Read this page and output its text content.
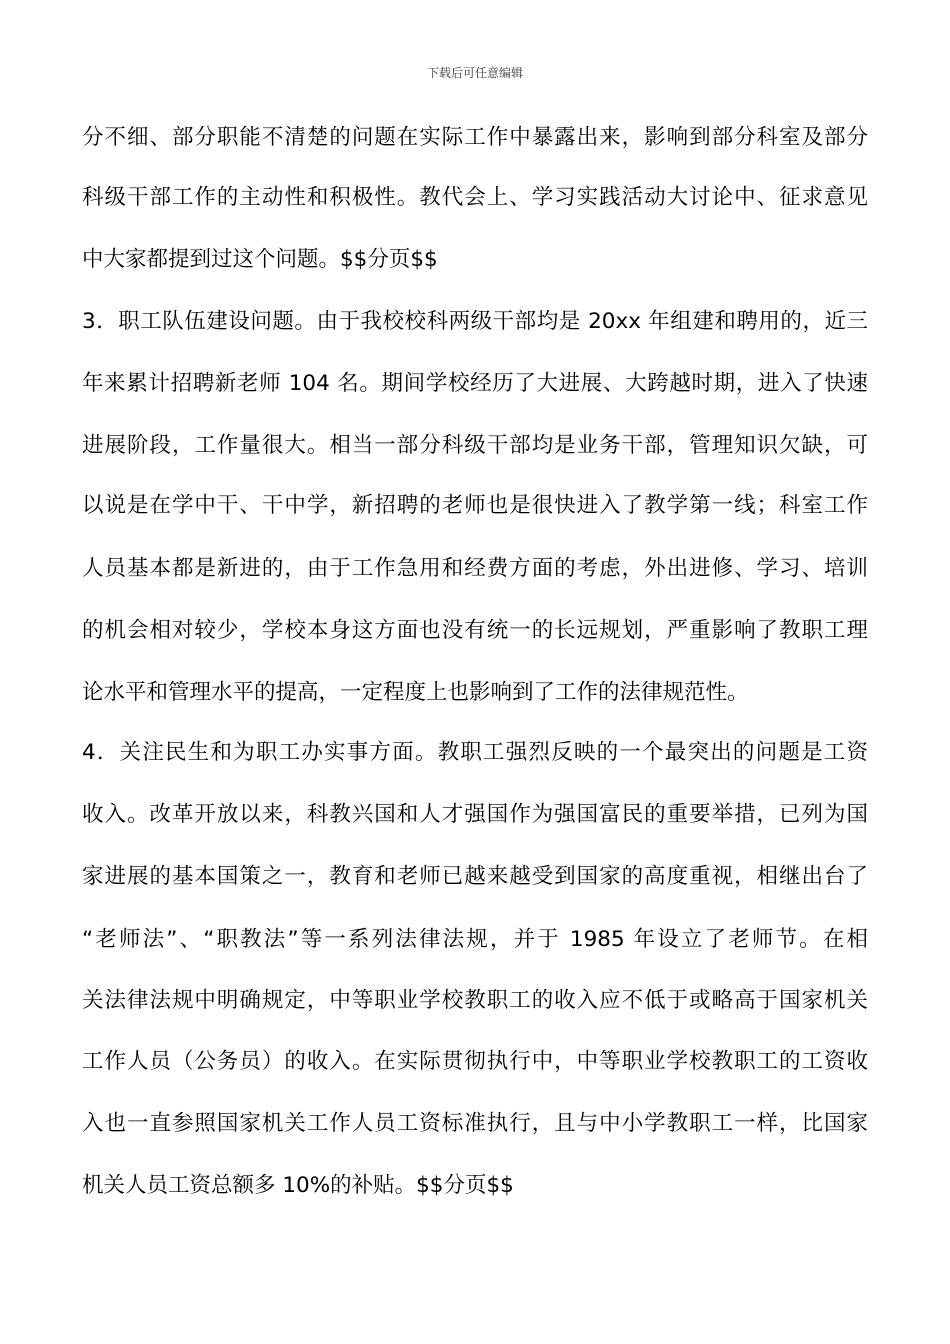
下载后可任意编辑
分不细、部分职能不清楚的问题在实际工作中暴露出来，影响到部分科室及部分
科级干部工作的主动性和积极性。教代会上、学习实践活动大讨论中、征求意见
中大家都提到过这个问题。$$分页$$
3．职工队伍建设问题。由于我校校科两级干部均是 20xx 年组建和聘用的，近三
年来累计招聘新老师 104 名。期间学校经历了大进展、大跨越时期，进入了快速
进展阶段，工作量很大。相当一部分科级干部均是业务干部，管理知识欠缺，可
以说是在学中干、干中学，新招聘的老师也是很快进入了教学第一线；科室工作
人员基本都是新进的，由于工作急用和经费方面的考虑，外出进修、学习、培训
的机会相对较少，学校本身这方面也没有统一的长远规划，严重影响了教职工理
论水平和管理水平的提高，一定程度上也影响到了工作的法律规范性。
4．关注民生和为职工办实事方面。教职工强烈反映的一个最突出的问题是工资
收入。改革开放以来，科教兴国和人才强国作为强国富民的重要举措，已列为国
家进展的基本国策之一，教育和老师已越来越受到国家的高度重视，相继出台了
“老师法”、“职教法”等一系列法律法规，并于 1985 年设立了老师节。在相
关法律法规中明确规定，中等职业学校教职工的收入应不低于或略高于国家机关
工作人员（公务员）的收入。在实际贯彻执行中，中等职业学校教职工的工资收
入也一直参照国家机关工作人员工资标准执行，且与中小学教职工一样，比国家
机关人员工资总额多 10%的补贴。$$分页$$
